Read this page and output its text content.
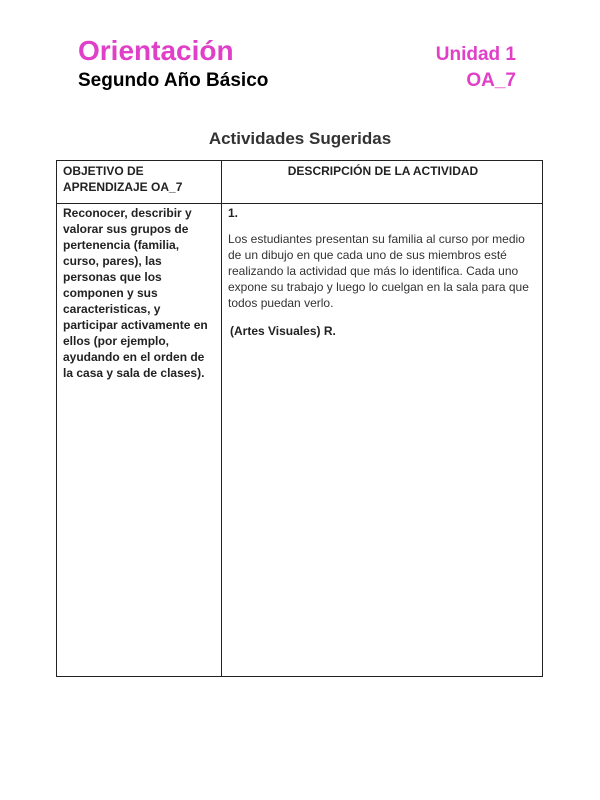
Orientación
Segundo Año Básico
Unidad 1
OA_7
Actividades Sugeridas
OBJETIVO DE APRENDIZAJE OA_7
DESCRIPCIÓN DE LA ACTIVIDAD
Reconocer, describir y valorar sus grupos de pertenencia (familia, curso, pares), las personas que los componen y sus caracteristicas, y participar activamente en ellos (por ejemplo, ayudando en el orden de la casa y sala de clases).
1.
Los estudiantes presentan su familia al curso por medio de un dibujo en que cada uno de sus miembros esté realizando la actividad que más lo identifica. Cada uno expone su trabajo y luego lo cuelgan en la sala para que todos puedan verlo.
(Artes Visuales) R.
